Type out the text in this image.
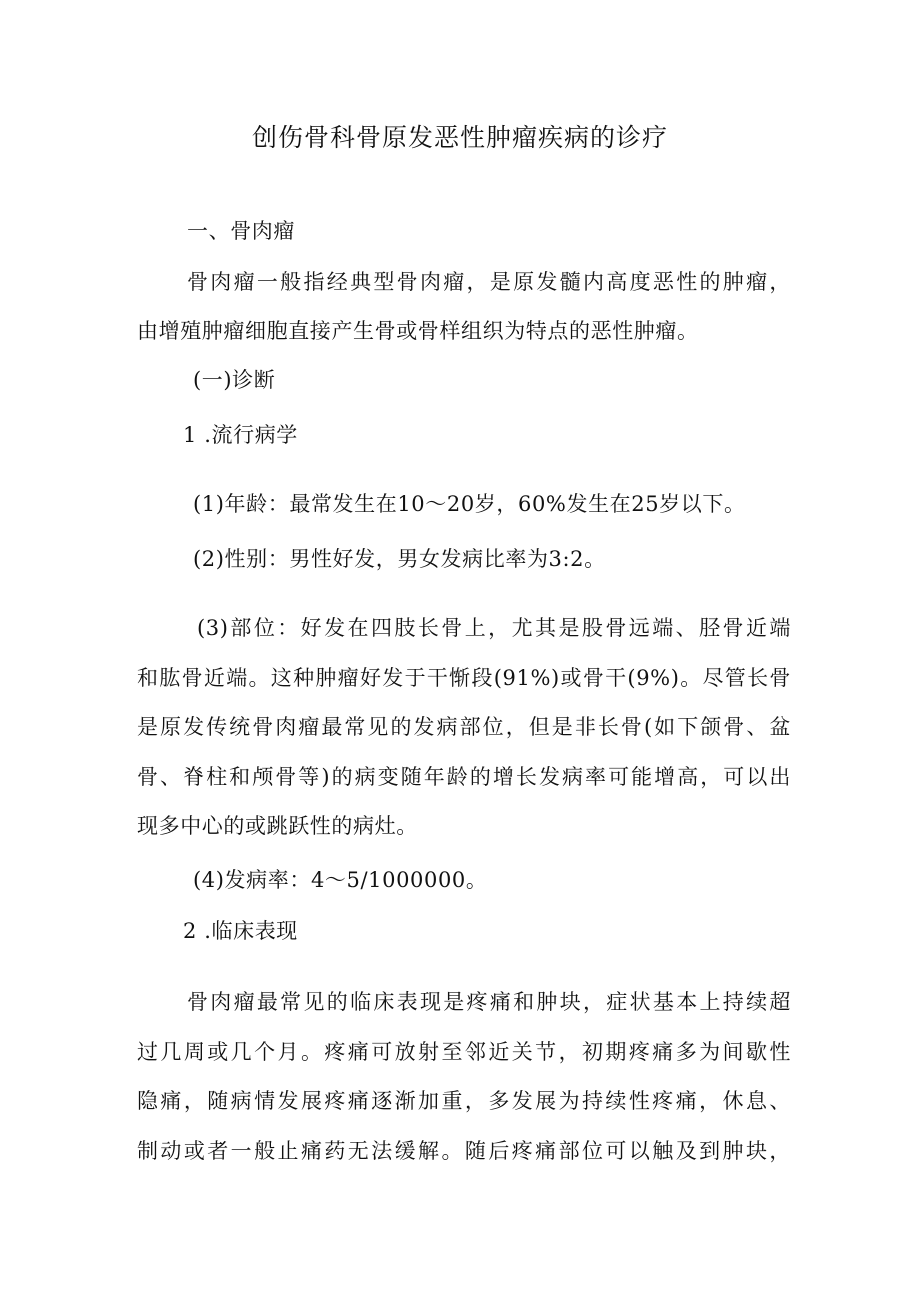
创伤骨科骨原发恶性肿瘤疾病的诊疗
一、骨肉瘤
骨肉瘤一般指经典型骨肉瘤，是原发髓内高度恶性的肿瘤，
由增殖肿瘤细胞直接产生骨或骨样组织为特点的恶性肿瘤。
(一)诊断
1 .流行病学
(1)年龄：最常发生在10～20岁，60%发生在25岁以下。
(2)性别：男性好发，男女发病比率为3:2。
(3)部位：好发在四肢长骨上，尤其是股骨远端、胫骨近端
和肱骨近端。这种肿瘤好发于干惭段(91%)或骨干(9%)。尽管长骨
是原发传统骨肉瘤最常见的发病部位，但是非长骨(如下颌骨、盆
骨、脊柱和颅骨等)的病变随年龄的增长发病率可能增高，可以出
现多中心的或跳跃性的病灶。
(4)发病率：4～5/1000000。
2 .临床表现
骨肉瘤最常见的临床表现是疼痛和肿块，症状基本上持续超
过几周或几个月。疼痛可放射至邻近关节，初期疼痛多为间歇性
隐痛，随病情发展疼痛逐渐加重，多发展为持续性疼痛，休息、
制动或者一般止痛药无法缓解。随后疼痛部位可以触及到肿块，
